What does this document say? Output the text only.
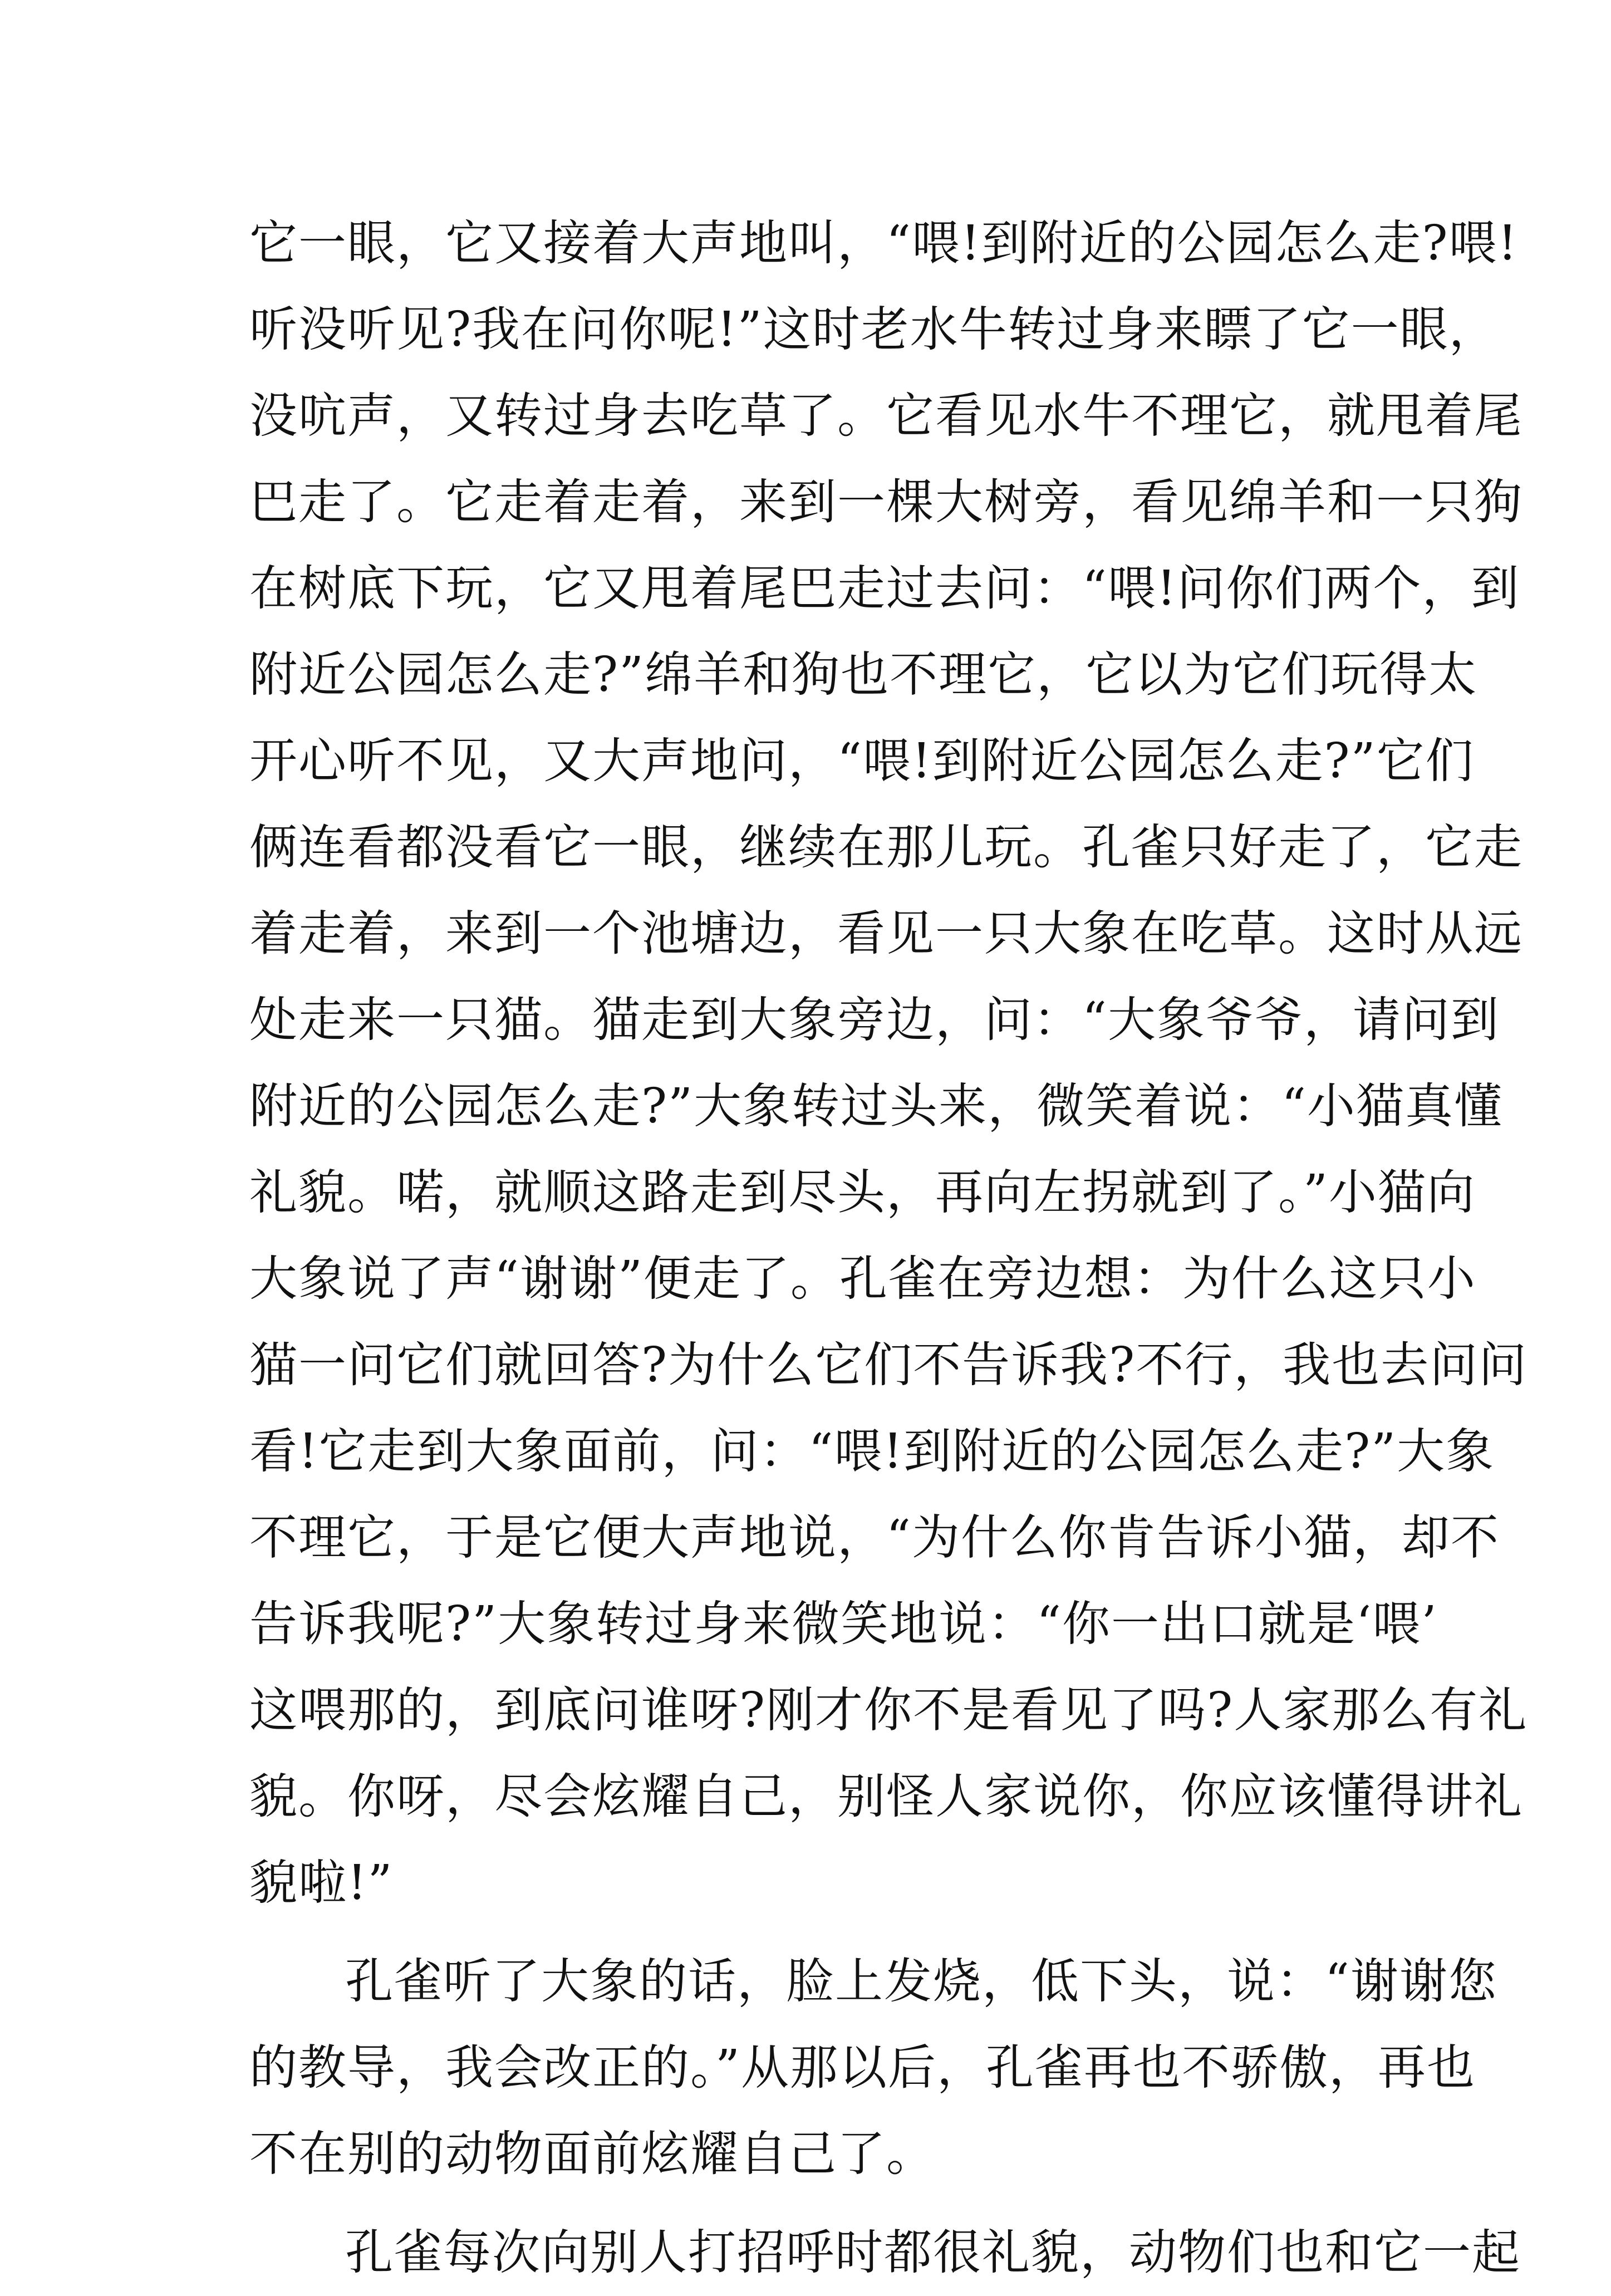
它一眼，它又接着大声地叫，“喂!到附近的公园怎么走?喂!
听没听见?我在问你呢!”这时老水牛转过身来瞟了它一眼，
没吭声，又转过身去吃草了。它看见水牛不理它，就甩着尾
巴走了。它走着走着，来到一棵大树旁，看见绵羊和一只狗
在树底下玩，它又甩着尾巴走过去问：“喂!问你们两个，到
附近公园怎么走?”绵羊和狗也不理它，它以为它们玩得太
开心听不见，又大声地问，“喂!到附近公园怎么走?”它们
俩连看都没看它一眼，继续在那儿玩。孔雀只好走了，它走
着走着，来到一个池塘边，看见一只大象在吃草。这时从远
处走来一只猫。猫走到大象旁边，问：“大象爷爷，请问到
附近的公园怎么走?”大象转过头来，微笑着说：“小猫真懂
礼貌。喏，就顺这路走到尽头，再向左拐就到了。”小猫向
大象说了声“谢谢”便走了。孔雀在旁边想：为什么这只小
猫一问它们就回答?为什么它们不告诉我?不行，我也去问问
看!它走到大象面前，问：“喂!到附近的公园怎么走?”大象
不理它，于是它便大声地说，“为什么你肯告诉小猫，却不
告诉我呢?”大象转过身来微笑地说：“你一出口就是‘喂’
这喂那的，到底问谁呀?刚才你不是看见了吗?人家那么有礼
貌。你呀，尽会炫耀自己，别怪人家说你，你应该懂得讲礼
貌啦!”
孔雀听了大象的话，脸上发烧，低下头，说：“谢谢您
的教导，我会改正的。”从那以后，孔雀再也不骄傲，再也
不在别的动物面前炫耀自己了。
孔雀每次向别人打招呼时都很礼貌，动物们也和它一起
